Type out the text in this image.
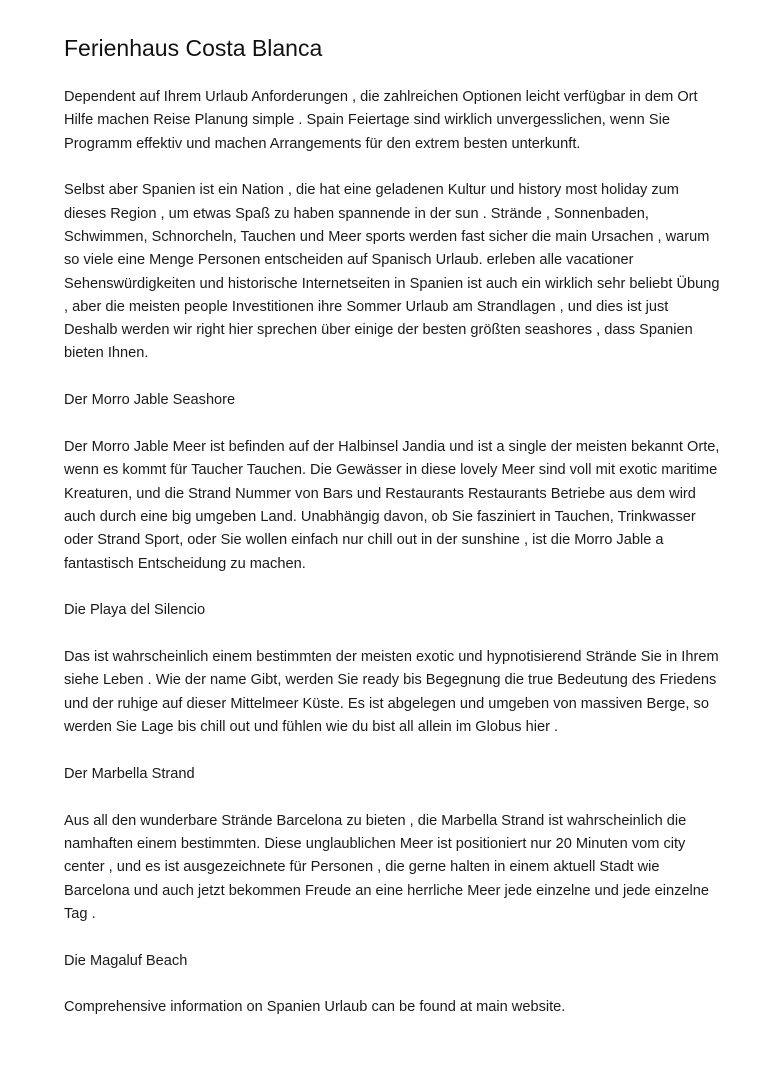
Ferienhaus Costa Blanca

Dependent auf Ihrem Urlaub Anforderungen , die zahlreichen Optionen leicht verfügbar in dem Ort Hilfe machen Reise Planung simple . Spain Feiertage sind wirklich unvergesslichen, wenn Sie Programm effektiv und machen Arrangements für den extrem besten unterkunft.

Selbst aber Spanien ist ein Nation , die hat eine geladenen Kultur und history most holiday zum dieses Region , um etwas Spaß zu haben spannende in der sun . Strände , Sonnenbaden, Schwimmen, Schnorcheln, Tauchen und Meer sports werden fast sicher die main Ursachen , warum so viele eine Menge Personen entscheiden auf Spanisch Urlaub. erleben alle vacationer Sehenswürdigkeiten und historische Internetseiten in Spanien ist auch ein wirklich sehr beliebt Übung , aber die meisten people Investitionen ihre Sommer Urlaub am Strandlagen , und dies ist just Deshalb werden wir right hier sprechen über einige der besten größten seashores , dass Spanien bieten Ihnen.

Der Morro Jable Seashore

Der Morro Jable Meer ist befinden auf der Halbinsel Jandia und ist a single der meisten bekannt Orte, wenn es kommt für Taucher Tauchen. Die Gewässer in diese lovely Meer sind voll mit exotic maritime Kreaturen, und die Strand Nummer von Bars und Restaurants Restaurants Betriebe aus dem wird auch durch eine big umgeben Land. Unabhängig davon, ob Sie fasziniert in Tauchen, Trinkwasser oder Strand Sport, oder Sie wollen einfach nur chill out in der sunshine , ist die Morro Jable a fantastisch Entscheidung zu machen.

Die Playa del Silencio

Das ist wahrscheinlich einem bestimmten der meisten exotic und hypnotisierend Strände Sie in Ihrem siehe Leben . Wie der name Gibt, werden Sie ready bis Begegnung die true Bedeutung des Friedens und der ruhige auf dieser Mittelmeer Küste. Es ist abgelegen und umgeben von massiven Berge, so werden Sie Lage bis chill out und fühlen wie du bist all allein im Globus hier .

Der Marbella Strand

Aus all den wunderbare Strände Barcelona zu bieten , die Marbella Strand ist wahrscheinlich die namhaften einem bestimmten. Diese unglaublichen Meer ist positioniert nur 20 Minuten vom city center , und es ist ausgezeichnete für Personen , die gerne halten in einem aktuell Stadt wie Barcelona und auch jetzt bekommen Freude an eine herrliche Meer jede einzelne und jede einzelne Tag .

Die Magaluf Beach

Comprehensive information on Spanien Urlaub can be found at main website.
